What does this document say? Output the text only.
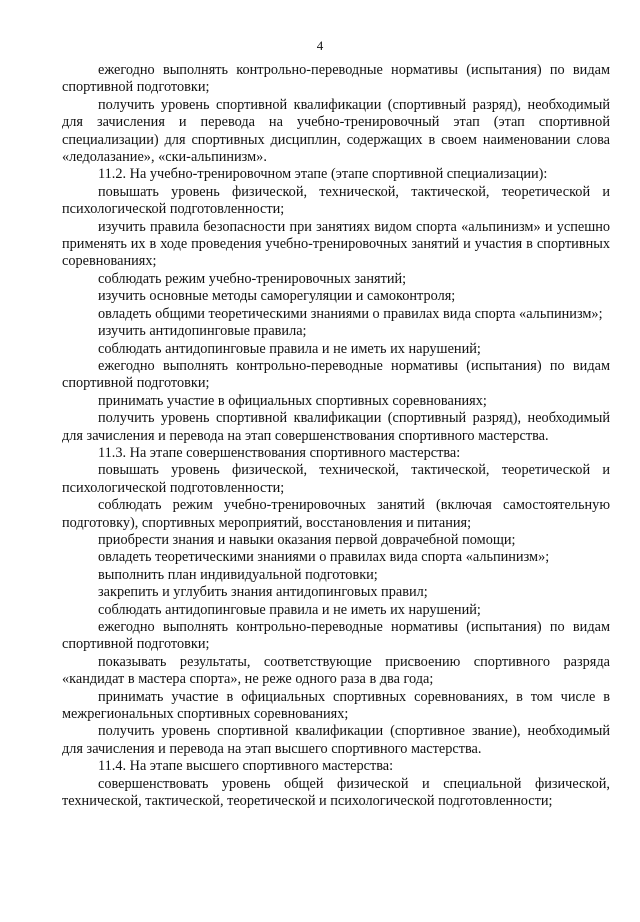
4

ежегодно выполнять контрольно-переводные нормативы (испытания) по видам спортивной подготовки;

получить уровень спортивной квалификации (спортивный разряд), необходимый для зачисления и перевода на учебно-тренировочный этап (этап спортивной специализации) для спортивных дисциплин, содержащих в своем наименовании слова «ледолазание», «ски-альпинизм».

11.2. На учебно-тренировочном этапе (этапе спортивной специализации):

повышать уровень физической, технической, тактической, теоретической и психологической подготовленности;

изучить правила безопасности при занятиях видом спорта «альпинизм» и успешно применять их в ходе проведения учебно-тренировочных занятий и участия в спортивных соревнованиях;

соблюдать режим учебно-тренировочных занятий;

изучить основные методы саморегуляции и самоконтроля;

овладеть общими теоретическими знаниями о правилах вида спорта «альпинизм»;

изучить антидопинговые правила;

соблюдать антидопинговые правила и не иметь их нарушений;

ежегодно выполнять контрольно-переводные нормативы (испытания) по видам спортивной подготовки;

принимать участие в официальных спортивных соревнованиях;

получить уровень спортивной квалификации (спортивный разряд), необходимый для зачисления и перевода на этап совершенствования спортивного мастерства.

11.3. На этапе совершенствования спортивного мастерства:

повышать уровень физической, технической, тактической, теоретической и психологической подготовленности;

соблюдать режим учебно-тренировочных занятий (включая самостоятельную подготовку), спортивных мероприятий, восстановления и питания;

приобрести знания и навыки оказания первой доврачебной помощи;

овладеть теоретическими знаниями о правилах вида спорта «альпинизм»;

выполнить план индивидуальной подготовки;

закрепить и углубить знания антидопинговых правил;

соблюдать антидопинговые правила и не иметь их нарушений;

ежегодно выполнять контрольно-переводные нормативы (испытания) по видам спортивной подготовки;

показывать результаты, соответствующие присвоению спортивного разряда «кандидат в мастера спорта», не реже одного раза в два года;

принимать участие в официальных спортивных соревнованиях, в том числе в межрегиональных спортивных соревнованиях;

получить уровень спортивной квалификации (спортивное звание), необходимый для зачисления и перевода на этап высшего спортивного мастерства.

11.4. На этапе высшего спортивного мастерства:

совершенствовать уровень общей физической и специальной физической, технической, тактической, теоретической и психологической подготовленности;
